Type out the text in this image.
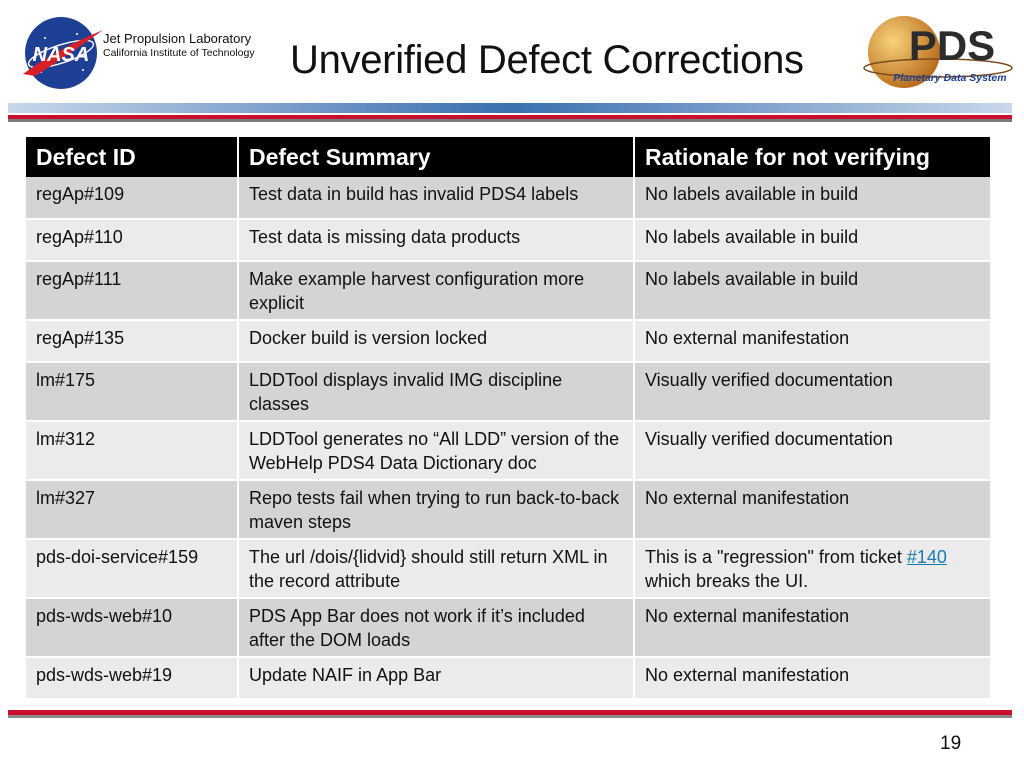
NASA
Jet Propulsion Laboratory
California Institute of Technology Unverified Defect Corrections	PDS
Planetary Data System
Defect ID	Defect Summary	Rationale for not verifying
regAp#109	Test data in build has invalid PDS4 labels	No labels available in build
regAp#110	Test data is missing data products	No labels available in build
regAp#111	Make example harvest configuration more explicit	No labels available in build
regAp#135	Docker build is version locked	No external manifestation
lm#175	LDDTool displays invalid IMG discipline classes	Visually verified documentation
lm#312	LDDTool generates no “All LDD” version of the WebHelp PDS4 Data Dictionary doc	Visually verified documentation
lm#327	Repo tests fail when trying to run back-to-back maven steps	No external manifestation
pds-doi-service#159	The url /dois/{lidvid} should still return XML in the record attribute	This is a "regression" from ticket #140 which breaks the UI.
pds-wds-web#10	PDS App Bar does not work if it’s included after the DOM loads	No external manifestation
pds-wds-web#19	Update NAIF in App Bar	No external manifestation
19
